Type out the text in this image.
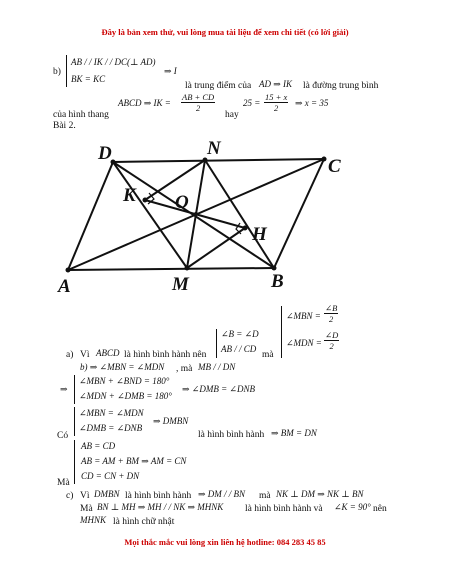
Đây là bản xem thử, vui lòng mua tài liệu để xem chi tiết (có lời giải)
b)
AB / / IK / / DC(⊥ AD)
BK = KC
⇒ I
là trung điểm của AD ⇒ IK là đường trung bình
của hình thang
ABCD ⇒ IK = $\frac{AB + CD}{2}$
hay
$25 = \frac{15 + x}{2}$ ⇒ x = 35
Bài 2.
D	N
C
K O
H
A	M	B
a) Vì ABCD là hình bình hành nên
∠B = ∠D
AB / / CD
mà
∠MBN = $\frac{\angle B}{2}$
∠MDN = $\frac{\angle D}{2}$
b) ⇒ ∠MBN = ∠MDN , mà MB / / DN
⇒
∠MBN + ∠BND = 180°
∠MDN + ∠DMB = 180°
⇒ ∠DMB = ∠DNB
Có
∠MBN = ∠MDN
∠DMB = ∠DNB
⇒ DMBN
là hình bình hành ⇒ BM = DN
AB = CD
AB = AM + BM ⇒ AM = CN
CD = CN + DN
Mà
c) Vì DMBN là hình bình hành ⇒ DM / / BN mà NK ⊥ DM ⇒ NK ⊥ BN
Mà BN ⊥ MH ⇒ MH / / NK ⇒ MHNK là hình bình hành và ∠K = 90° nên
MHNK là hình chữ nhật
Mọi thắc mắc vui lòng xin liên hệ hotline: 084 283 45 85
